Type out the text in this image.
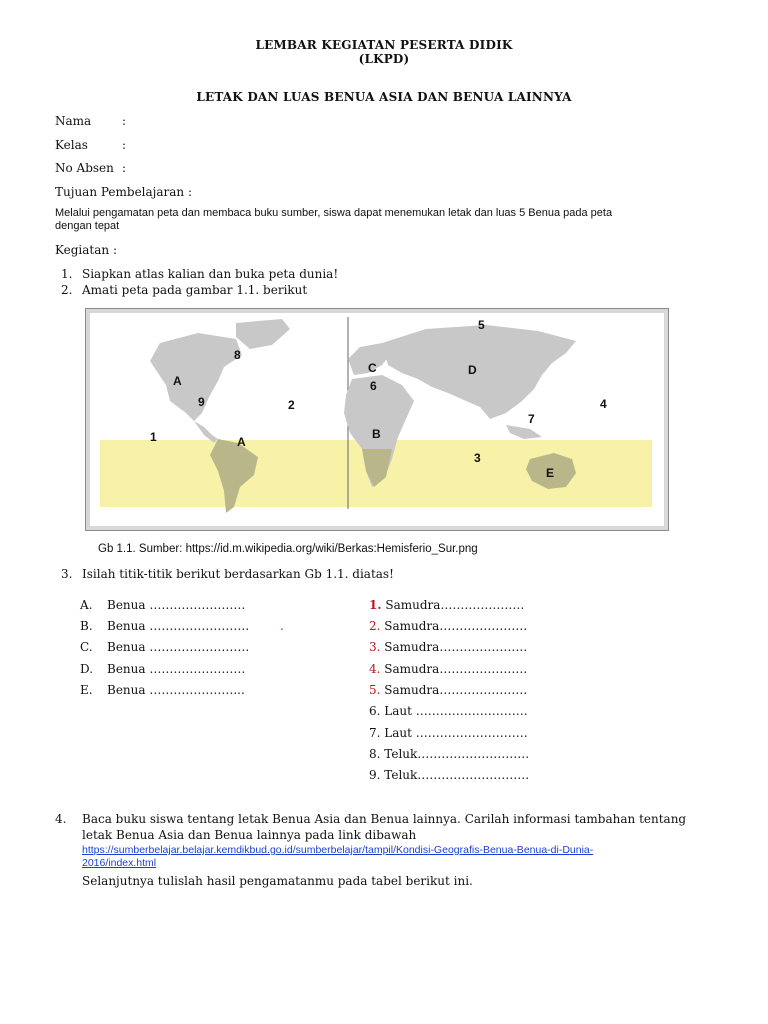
LEMBAR KEGIATAN PESERTA DIDIK
(LKPD)
LETAK DAN LUAS BENUA ASIA DAN BENUA LAINNYA
Nama	:
Kelas	:
No Absen :
Tujuan Pembelajaran :
Melalui pengamatan peta dan membaca buku sumber, siswa dapat menemukan letak dan luas 5 Benua pada peta
dengan tepat
Kegiatan :
1. Siapkan atlas kalian dan buka peta dunia!
2. Amati peta pada gambar 1.1. berikut
5
8
C
A	6
D
9	2
7
4
1	A
B
3
E
Gb 1.1. Sumber: https://id.m.wikipedia.org/wiki/Berkas:Hemisferio_Sur.png
3. Isilah titik-titik berikut berdasarkan Gb 1.1. diatas!
A. Benua ……………………
B. Benua …………………….	.
C. Benua …………………….
D. Benua ……………………
E. Benua …………………...
1. Samudra…………………
2. Samudra………………….
3. Samudra………………….
4. Samudra………………….
5. Samudra………………….
6. Laut ……………………….
7. Laut ……………………….
8. Teluk……………………….
9. Teluk……………………….
4. Baca buku siswa tentang letak Benua Asia dan Benua lainnya. Carilah informasi tambahan tentang
letak Benua Asia dan Benua lainnya pada link dibawah
https://sumberbelajar.belajar.kemdikbud.go.id/sumberbelajar/tampil/Kondisi-Geografis-Benua-Benua-di-Dunia-
2016/index.html
Selanjutnya tulislah hasil pengamatanmu pada tabel berikut ini.
